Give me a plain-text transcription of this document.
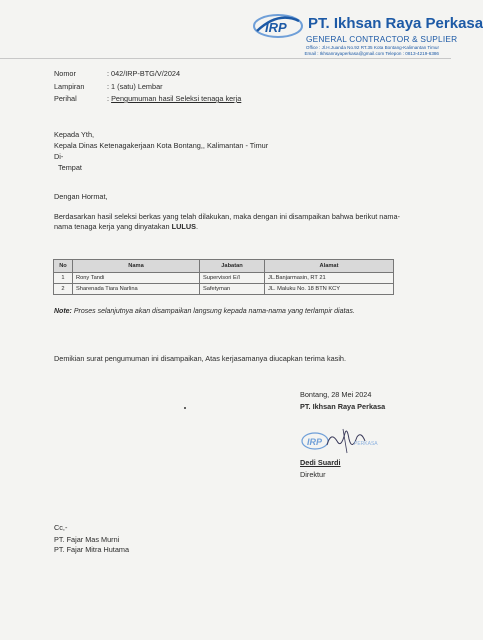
IRP PT. Ikhsan Raya Perkasa
GENERAL CONTRACTOR & SUPLIER
Office : Jl.H.Juanda No.92 RT.35 Kota Bontang-Kalimantan Timur
Email : Ikhsanrayaperkasa@gmail.com Telepon : 0813-4219-6386
Nomor	: 042/IRP-BTG/V/2024
Lampiran	: 1 (satu) Lembar
Perihal	: Pengumuman hasil Seleksi tenaga kerja
Kepada Yth,
Kepala Dinas Ketenagakerjaan Kota Bontang,, Kalimantan - Timur
Di-
Tempat
Dengan Hormat,
Berdasarkan hasil seleksi berkas yang telah dilakukan, maka dengan ini disampaikan bahwa berikut nama-
nama tenaga kerja yang dinyatakan LULUS.
No	Nama	Jabatan	Alamat
1	Rony Tandi	Supervisori E/I	JL.Banjarmasin, RT 21
2	Sharenada Tiara Narlina	Safetyman	JL. Maluku No. 18 BTN KCY
Note: Proses selanjutnya akan disampaikan langsung kepada nama-nama yang terlampir diatas.
Demikian surat pengumuman ini disampaikan, Atas kerjasamanya diucapkan terima kasih.
Bontang, 28 Mei 2024
PT. Ikhsan Raya Perkasa
IRP	PERKASA
Dedi Suardi
Direktur
Cc,-
PT. Fajar Mas Murni
PT. Fajar Mitra Hutama
